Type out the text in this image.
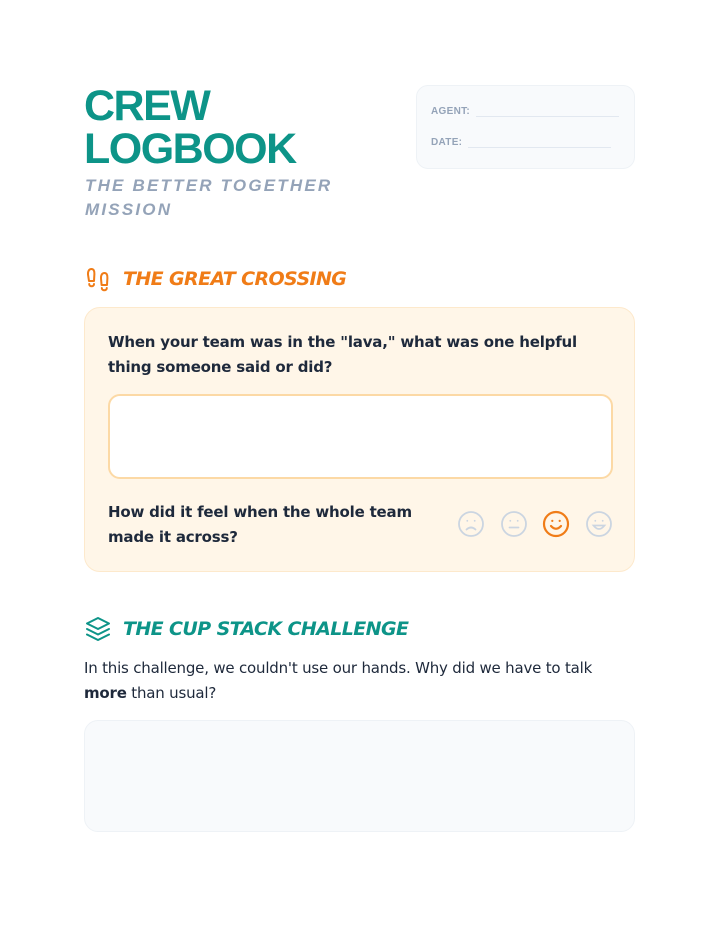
CREW
LOGBOOK
THE BETTER TOGETHER MISSION
AGENT:
DATE:
THE GREAT CROSSING
When your team was in the "lava," what was one helpful thing someone said or did?
How did it feel when the whole team made it across?
THE CUP STACK CHALLENGE

In this challenge, we couldn't use our hands. Why did we have to talk more than usual?
